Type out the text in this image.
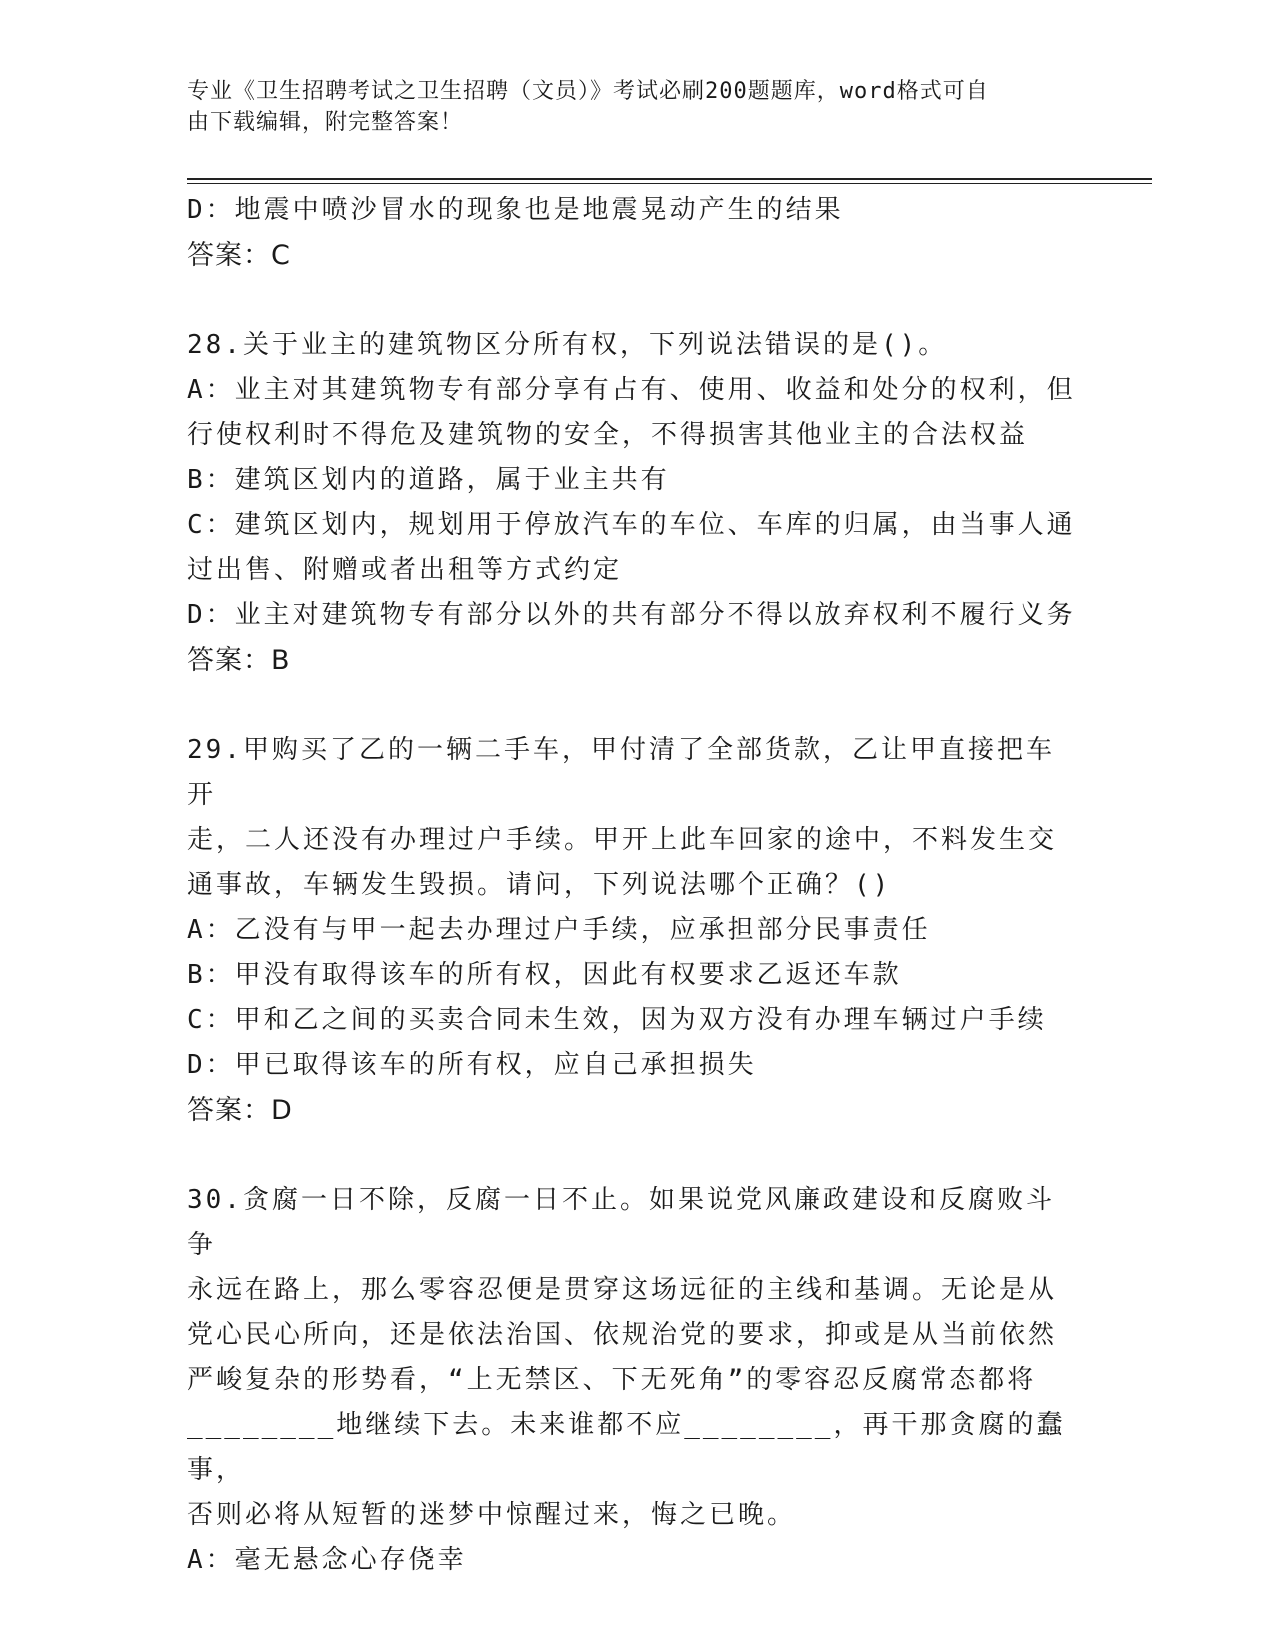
专业《卫生招聘考试之卫生招聘（文员）》考试必刷200题题库，word格式可自
由下载编辑，附完整答案！
D：地震中喷沙冒水的现象也是地震晃动产生的结果
答案：C
28.关于业主的建筑物区分所有权，下列说法错误的是()。
A：业主对其建筑物专有部分享有占有、使用、收益和处分的权利，但
行使权利时不得危及建筑物的安全，不得损害其他业主的合法权益
B：建筑区划内的道路，属于业主共有
C：建筑区划内，规划用于停放汽车的车位、车库的归属，由当事人通
过出售、附赠或者出租等方式约定
D：业主对建筑物专有部分以外的共有部分不得以放弃权利不履行义务
答案：B
29.甲购买了乙的一辆二手车，甲付清了全部货款，乙让甲直接把车开
走，二人还没有办理过户手续。甲开上此车回家的途中，不料发生交
通事故，车辆发生毁损。请问，下列说法哪个正确？()
A：乙没有与甲一起去办理过户手续，应承担部分民事责任
B：甲没有取得该车的所有权，因此有权要求乙返还车款
C：甲和乙之间的买卖合同未生效，因为双方没有办理车辆过户手续
D：甲已取得该车的所有权，应自己承担损失
答案：D
30.贪腐一日不除，反腐一日不止。如果说党风廉政建设和反腐败斗争
永远在路上，那么零容忍便是贯穿这场远征的主线和基调。无论是从
党心民心所向，还是依法治国、依规治党的要求，抑或是从当前依然
严峻复杂的形势看，“上无禁区、下无死角”的零容忍反腐常态都将
________地继续下去。未来谁都不应________，再干那贪腐的蠢事，
否则必将从短暂的迷梦中惊醒过来，悔之已晚。
A：毫无悬念心存侥幸
